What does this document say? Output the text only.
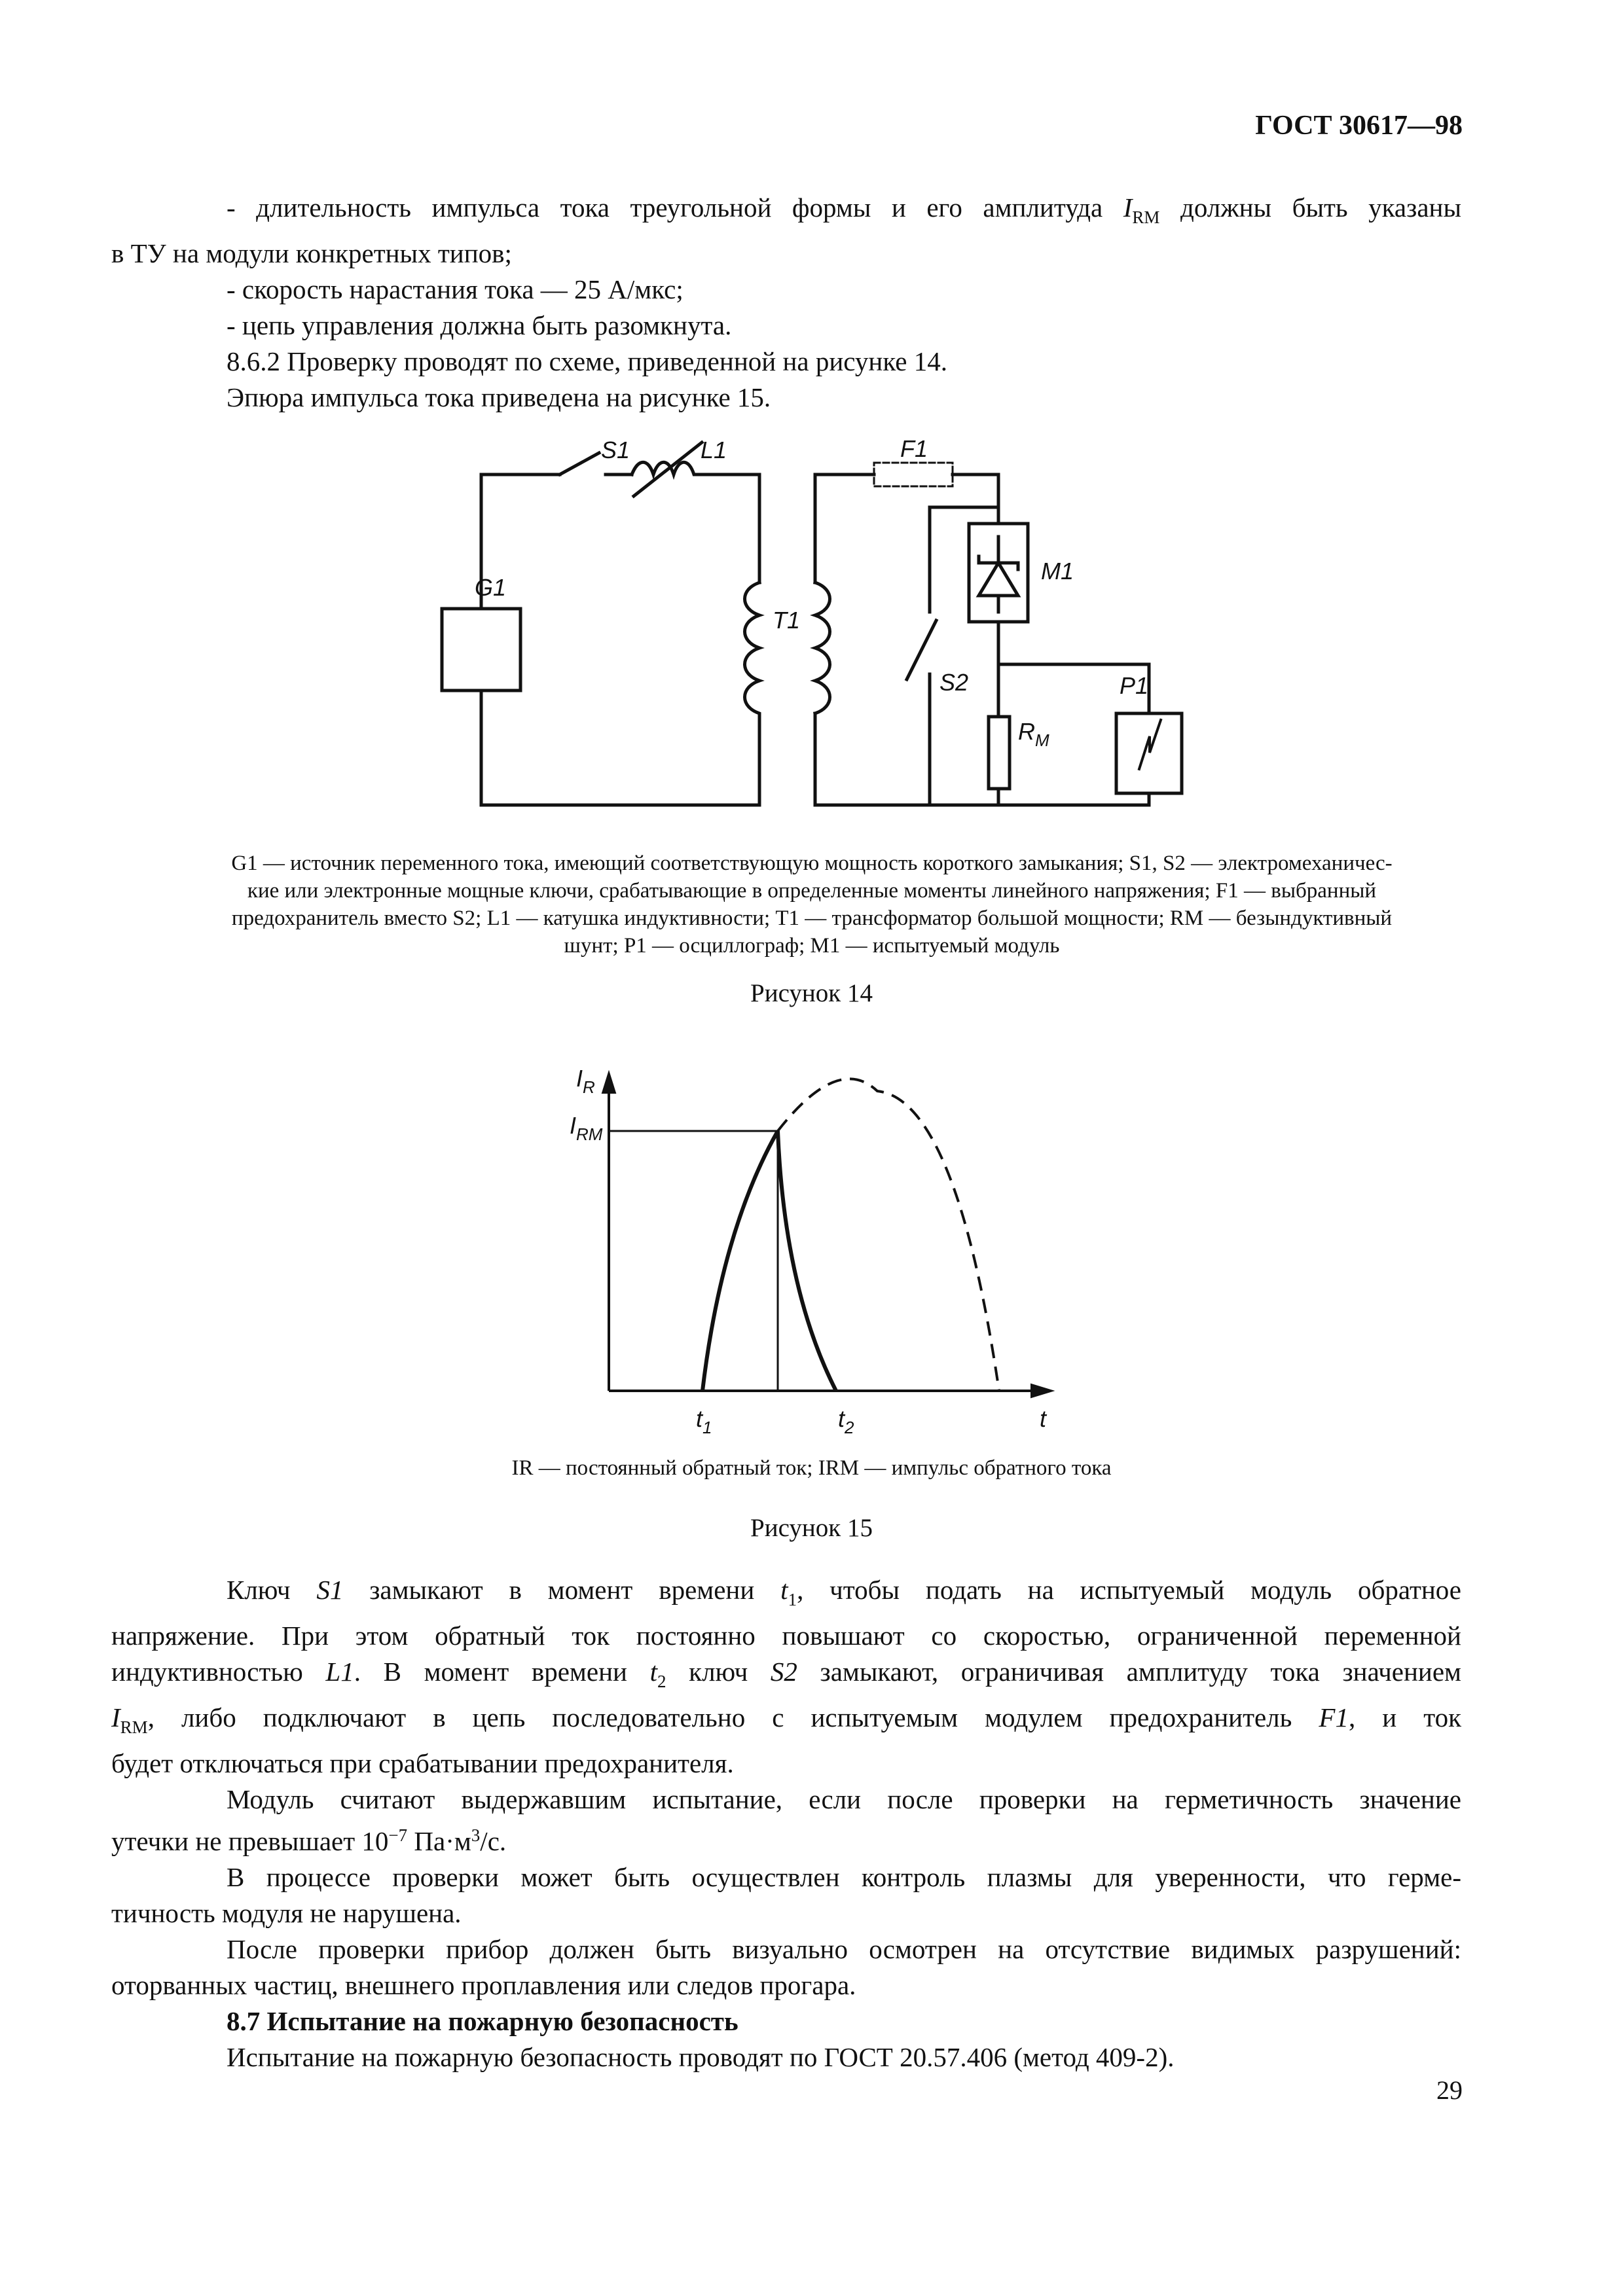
ГОСТ 30617—98
- длительность импульса тока треугольной формы и его амплитуда $I_{RM}$ должны быть указаны
в ТУ на модули конкретных типов;
- скорость нарастания тока — 25 А/мкс;
- цепь управления должна быть разомкнута.
8.6.2 Проверку проводят по схеме, приведенной на рисунке 14.
Эпюра импульса тока приведена на рисунке 15.
S1	L1	F1
G1
T1
M1
S2	P1
$R_M$
G1 — источник переменного тока, имеющий соответствующую мощность короткого замыкания; S1, S2 — электромеханичес-
кие или электронные мощные ключи, срабатывающие в определенные моменты линейного напряжения; F1 — выбранный
предохранитель вместо S2; L1 — катушка индуктивности; T1 — трансформатор большой мощности; RМ — безындуктивный
шунт; P1 — осциллограф; M1 — испытуемый модуль
Рисунок 14
$I_R$
$I_{RM}$
$t_1$	$t_2$	t
IR — постоянный обратный ток; IRM — импульс обратного тока
Рисунок 15
Ключ S1 замыкают в момент времени $t_1$, чтобы подать на испытуемый модуль обратное
напряжение. При этом обратный ток постоянно повышают со скоростью, ограниченной переменной
индуктивностью L1. В момент времени $t_2$ ключ S2 замыкают, ограничивая амплитуду тока значением
$I_{RM}$, либо подключают в цепь последовательно с испытуемым модулем предохранитель F1, и ток
будет отключаться при срабатывании предохранителя.
Модуль считают выдержавшим испытание, если после проверки на герметичность значение
утечки не превышает $10^{-7}$ $Па\cdot м^3/с$.
В процессе проверки может быть осуществлен контроль плазмы для уверенности, что герме-
тичность модуля не нарушена.
После проверки прибор должен быть визуально осмотрен на отсутствие видимых разрушений:
оторванных частиц, внешнего проплавления или следов прогара.
8.7 Испытание на пожарную безопасность
Испытание на пожарную безопасность проводят по ГОСТ 20.57.406 (метод 409-2).
29
